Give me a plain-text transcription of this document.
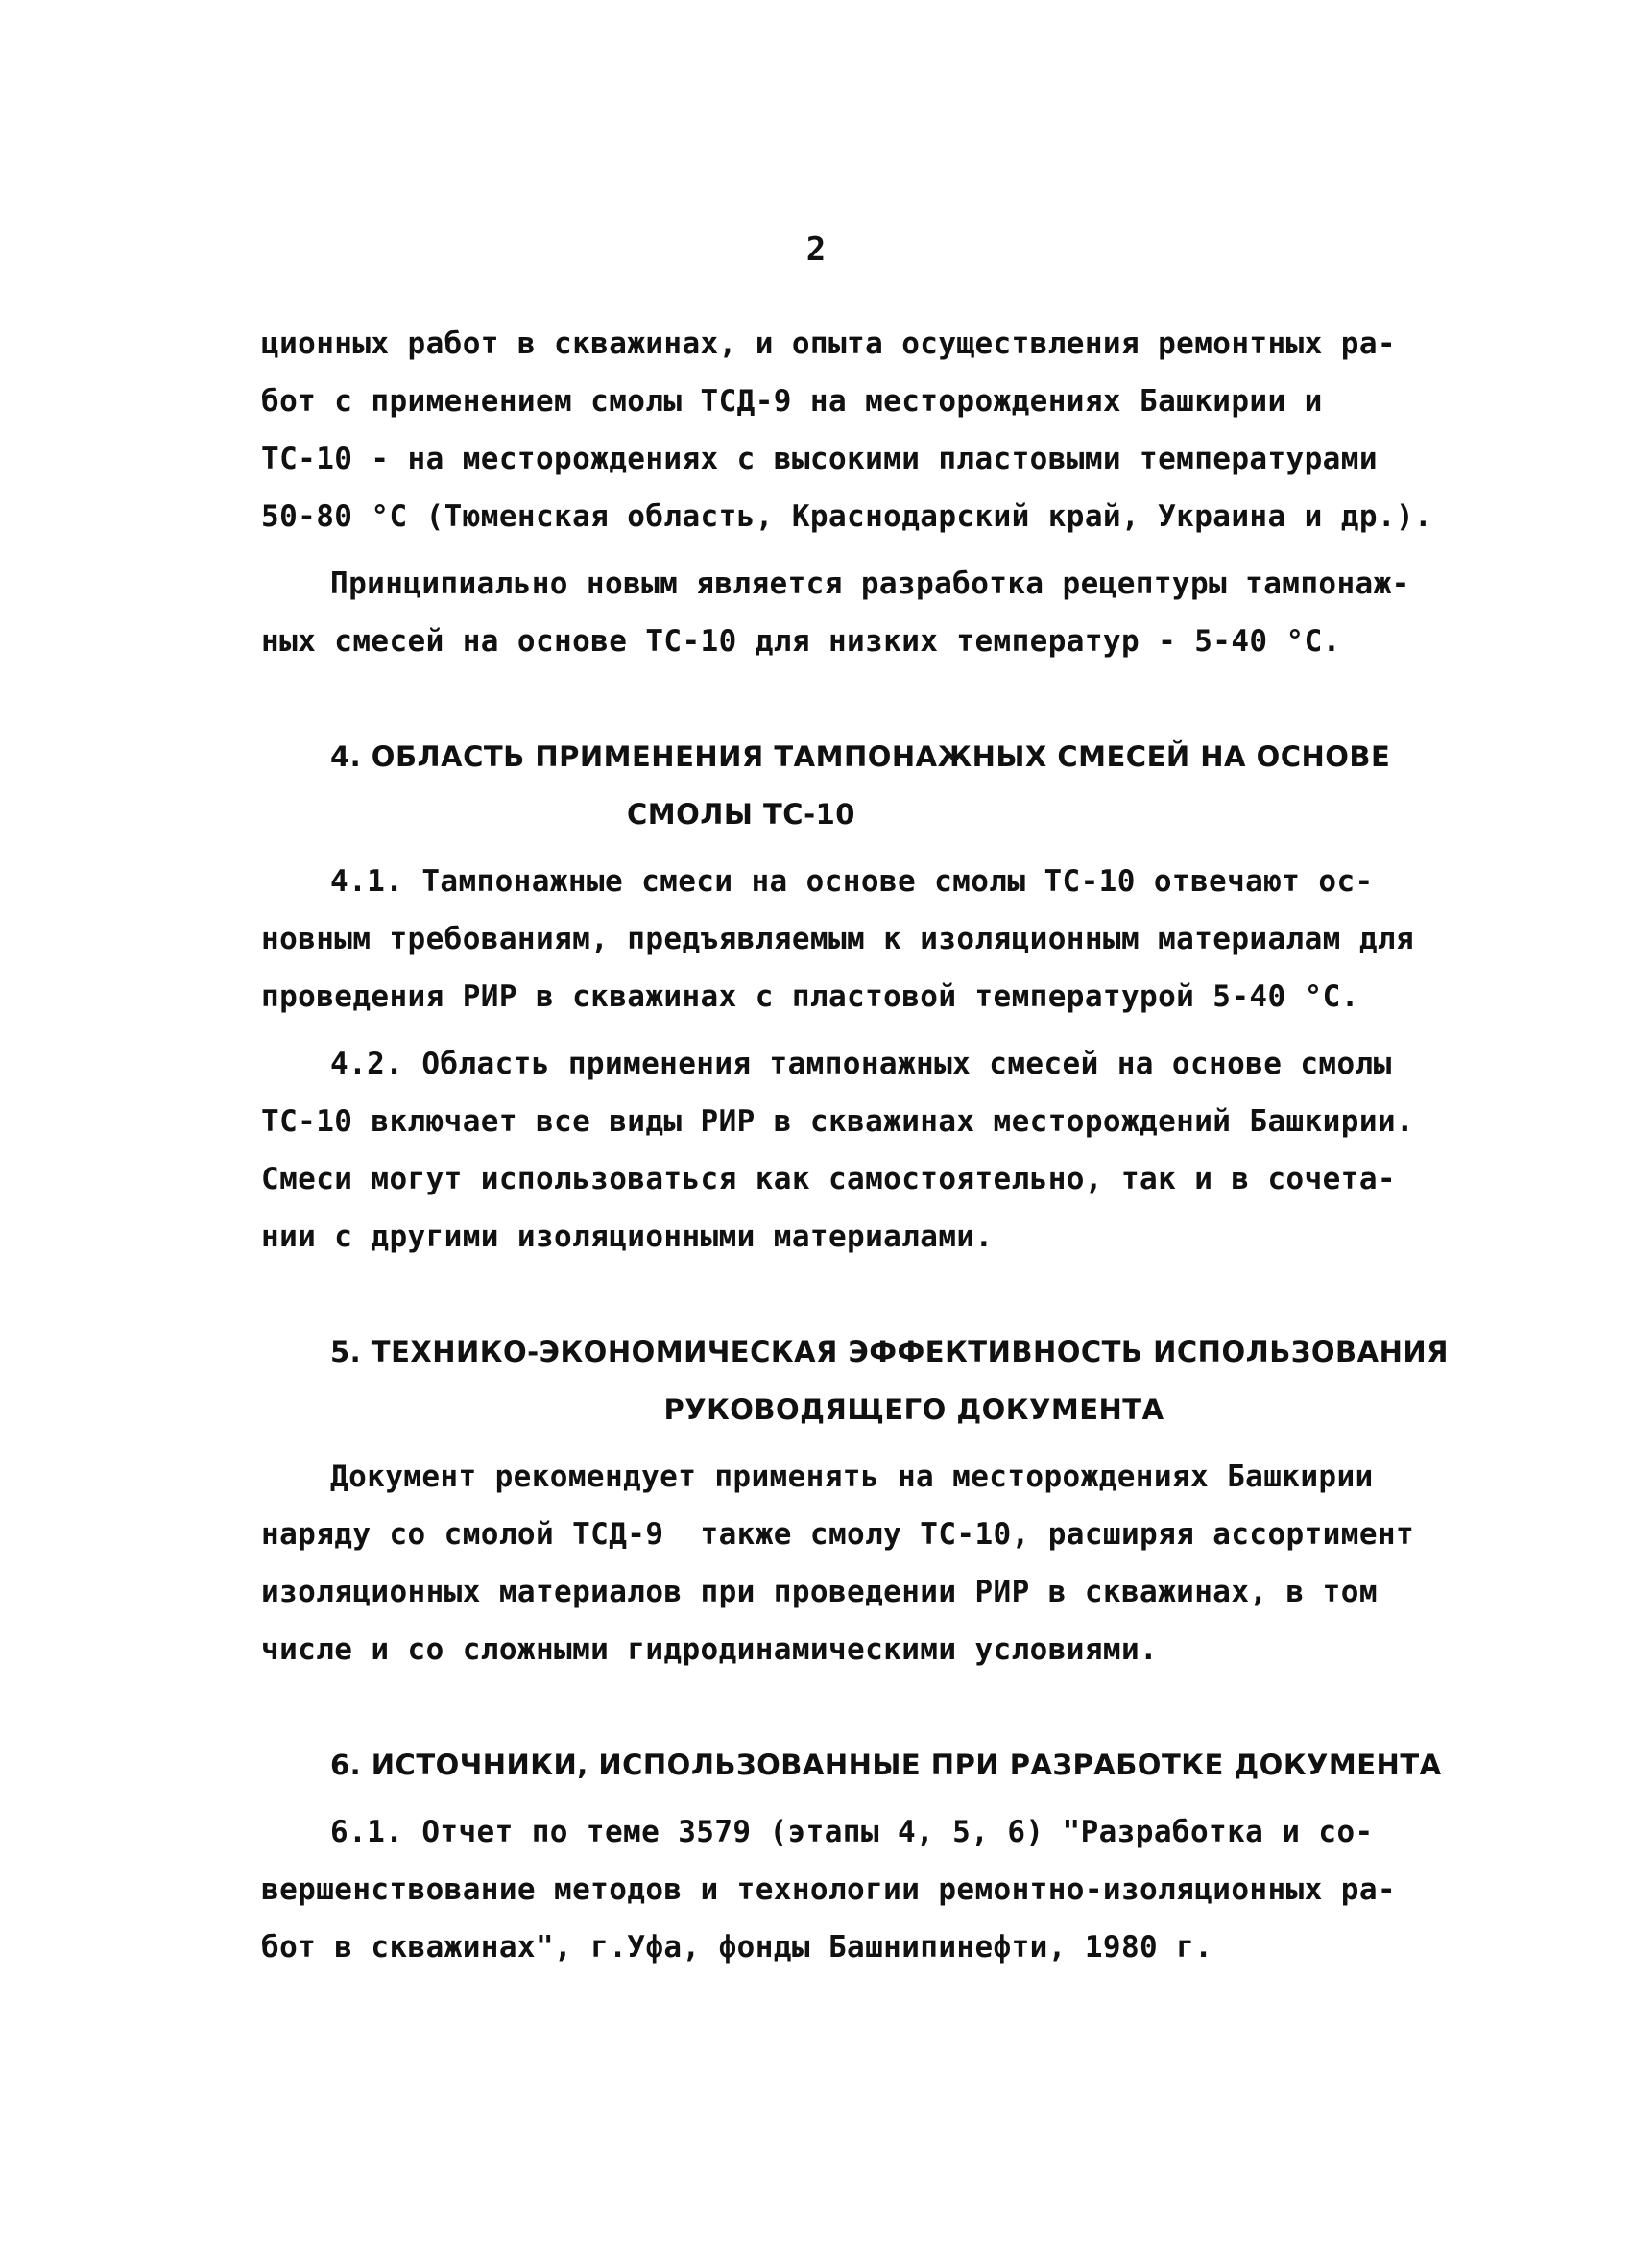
2
ционных работ в скважинах, и опыта осуществления ремонтных ра-
бот с применением смолы ТСД-9 на месторождениях Башкирии и
ТС-10 - на месторождениях с высокими пластовыми температурами
50-80 °С (Тюменская область, Краснодарский край, Украина и др.).
Принципиально новым является разработка рецептуры тампонаж-
ных смесей на основе ТС-10 для низких температур - 5-40 °С.
4. ОБЛАСТЬ ПРИМЕНЕНИЯ ТАМПОНАЖНЫХ СМЕСЕЙ НА ОСНОВЕ
СМОЛЫ ТС-10
4.1. Тампонажные смеси на основе смолы ТС-10 отвечают ос-
новным требованиям, предъявляемым к изоляционным материалам для
проведения РИР в скважинах с пластовой температурой 5-40 °С.
4.2. Область применения тампонажных смесей на основе смолы
ТС-10 включает все виды РИР в скважинах месторождений Башкирии.
Смеси могут использоваться как самостоятельно, так и в сочета-
нии с другими изоляционными материалами.
5. ТЕХНИКО-ЭКОНОМИЧЕСКАЯ ЭФФЕКТИВНОСТЬ ИСПОЛЬЗОВАНИЯ
РУКОВОДЯЩЕГО ДОКУМЕНТА
Документ рекомендует применять на месторождениях Башкирии
наряду со смолой ТСД-9  также смолу ТС-10, расширяя ассортимент
изоляционных материалов при проведении РИР в скважинах, в том
числе и со сложными гидродинамическими условиями.
6. ИСТОЧНИКИ, ИСПОЛЬЗОВАННЫЕ ПРИ РАЗРАБОТКЕ ДОКУМЕНТА
6.1. Отчет по теме 3579 (этапы 4, 5, 6) "Разработка и со-
вершенствование методов и технологии ремонтно-изоляционных ра-
бот в скважинах", г.Уфа, фонды Башнипинефти, 1980 г.
